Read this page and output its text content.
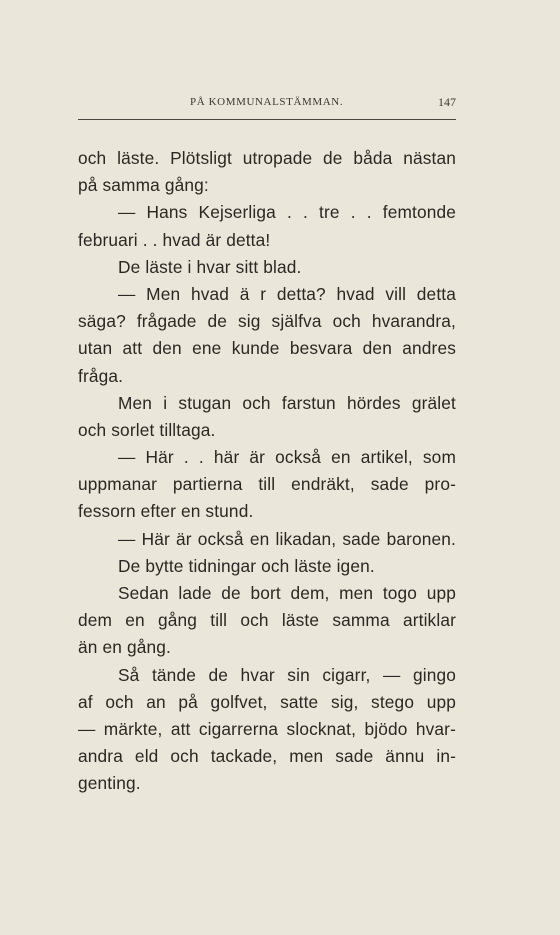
PÅ KOMMUNALSTÄMMAN.	147
och läste. Plötsligt utropade de båda nästan
på samma gång:
— Hans Kejserliga . . tre . . femtonde
februari . . hvad är detta!
De läste i hvar sitt blad.
— Men hvad ä r detta? hvad vill detta
säga? frågade de sig själfva och hvarandra,
utan att den ene kunde besvara den andres
fråga.
Men i stugan och farstun hördes grälet
och sorlet tilltaga.
— Här . . här är också en artikel, som
uppmanar partierna till endräkt, sade pro-
fessorn efter en stund.
— Här är också en likadan, sade baronen.
De bytte tidningar och läste igen.
Sedan lade de bort dem, men togo upp
dem en gång till och läste samma artiklar
än en gång.
Så tände de hvar sin cigarr, — gingo
af och an på golfvet, satte sig, stego upp
— märkte, att cigarrerna slocknat, bjödo hvar-
andra eld och tackade, men sade ännu in-
genting.
